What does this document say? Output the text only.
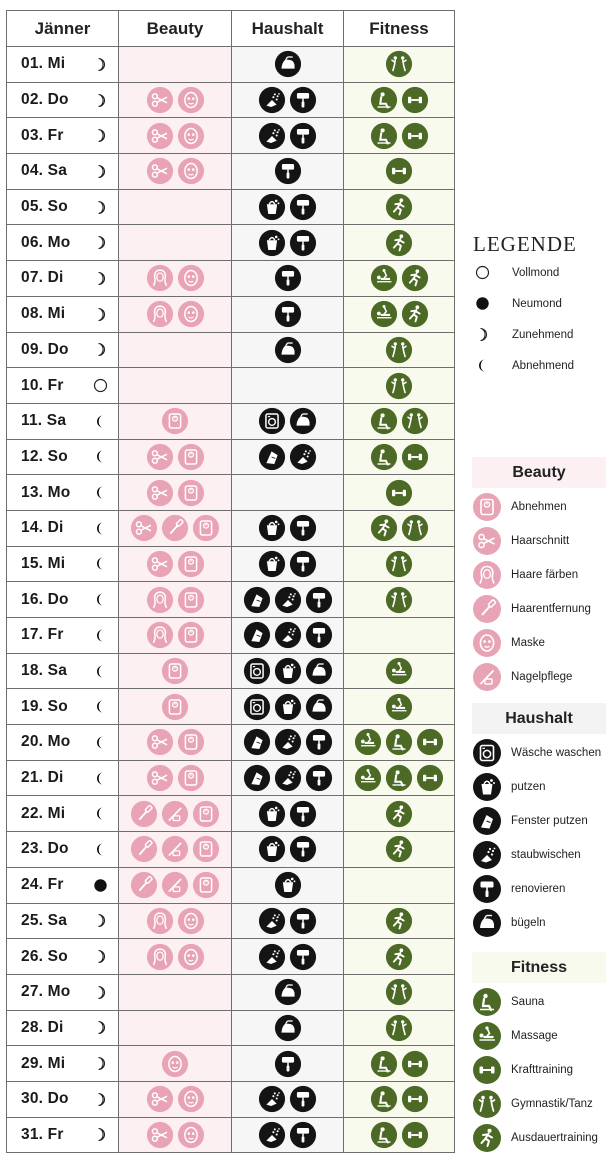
Jänner	Beauty	Haushalt	Fitness

01. Mi

02. Do

03. Fr

04. Sa

05. So

06. Mo

07. Di

08. Mi

09. Do

10. Fr

11. Sa

12. So

13. Mo

14. Di

15. Mi

16. Do

17. Fr

18. Sa

19. So

20. Mo

21. Di

22. Mi

23. Do

24. Fr

25. Sa

26. So

27. Mo

28. Di

29. Mi

30. Do

31. Fr

LEGENDE
Vollmond
Neumond
Zunehmend
Abnehmend
Beauty
Abnehmen
Haarschnitt
Haare färben
Haarentfernung
Maske
Nagelpflege
Haushalt
Wäsche waschen
putzen
Fenster putzen
staubwischen
renovieren
bügeln
Fitness
Sauna
Massage
Krafttraining
Gymnastik/Tanz
Ausdauertraining
